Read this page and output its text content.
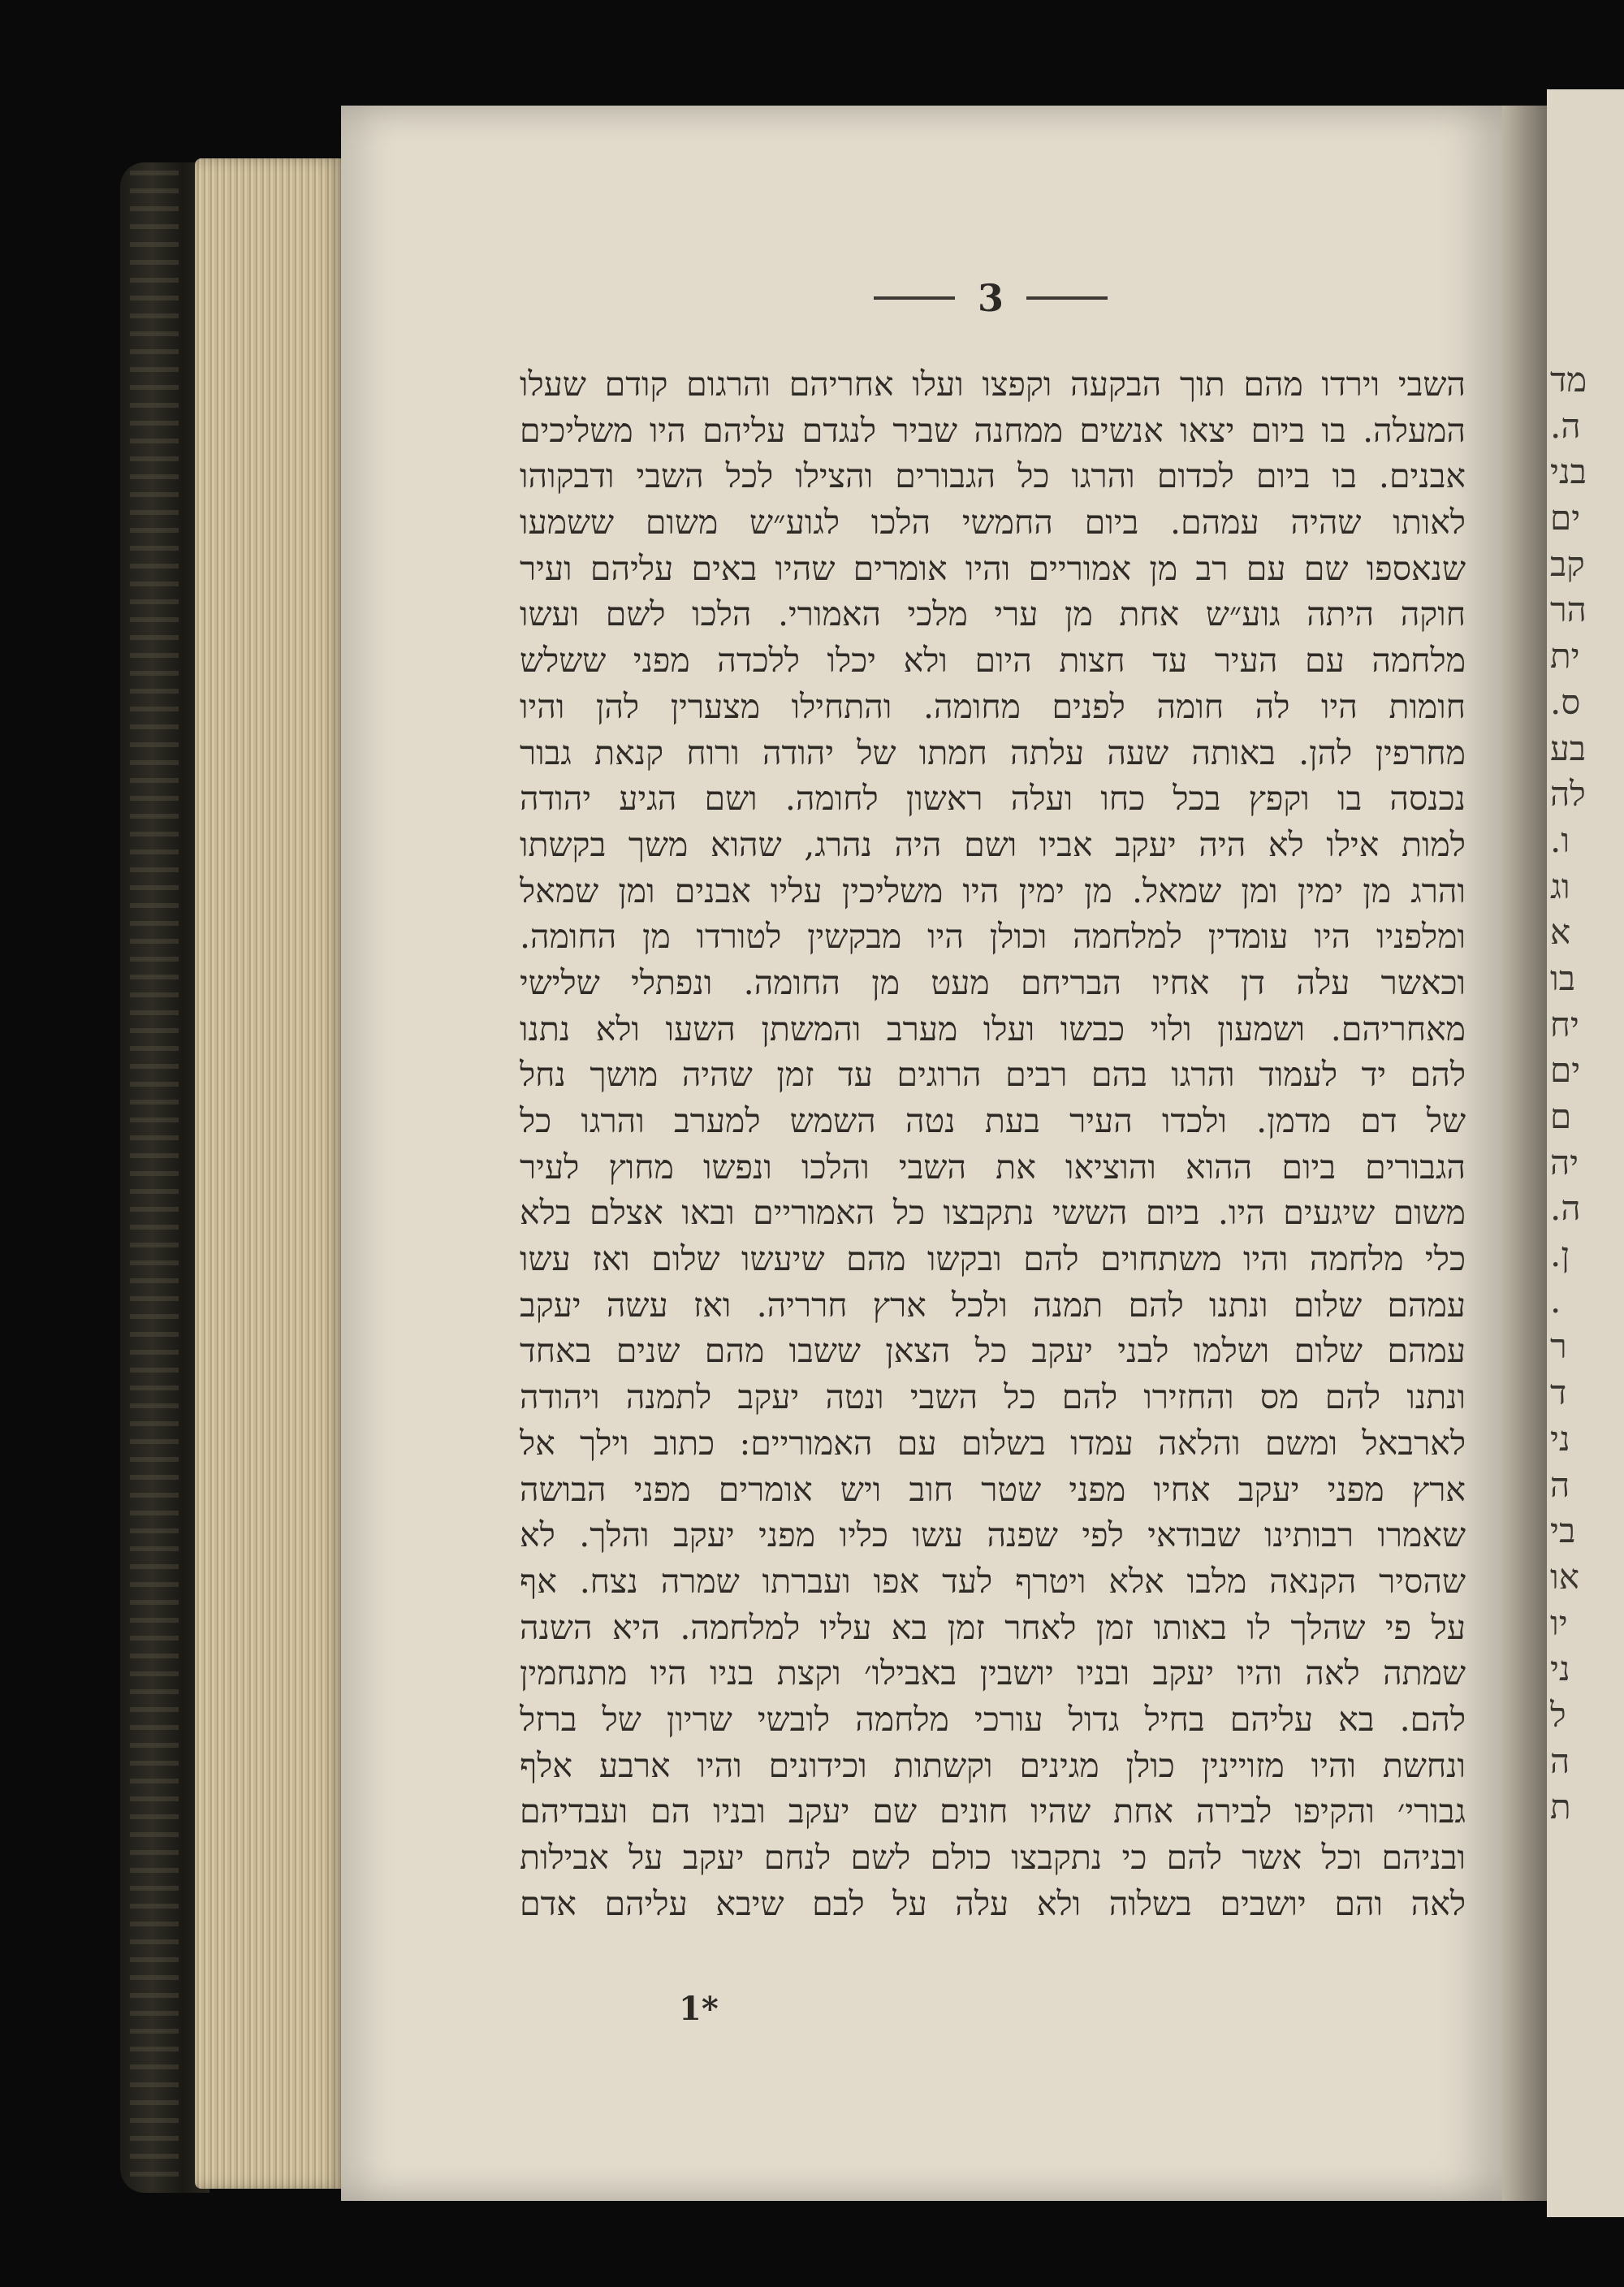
מד
ה.
בני
ים
קב
הר
ית
ס.
בע
לה
ו.
וג
א
בו
יח
ים
ם
יה
ה.
ן.
.
ר
ד
ני
ה
בי
או
יו
ני
ל
ה
ת
3
השבי וירדו מהם תוך הבקעה וקפצו ועלו אחריהם והרגום קודם שעלו
המעלה. בו ביום יצאו אנשים ממחנה שביר לנגדם עליהם היו משליכים
אבנים. בו ביום לכדום והרגו כל הגבורים והצילו לכל השבי ודבקוהו
לאותו שהיה עמהם. ביום החמשי הלכו לגוע״ש משום ששמעו
שנאספו שם עם רב מן אמוריים והיו אומרים שהיו באים עליהם ועיר
חוקה היתה גוע״ש אחת מן ערי מלכי האמורי. הלכו לשם ועשו
מלחמה עם העיר עד חצות היום ולא יכלו ללכדה מפני ששלש
חומות היו לה חומה לפנים מחומה. והתחילו מצערין להן והיו
מחרפין להן. באותה שעה עלתה חמתו של יהודה ורוח קנאת גבור
נכנסה בו וקפץ בכל כחו ועלה ראשון לחומה. ושם הגיע יהודה
למות אילו לא היה יעקב אביו ושם היה נהרג, שהוא משך בקשתו
והרג מן ימין ומן שמאל. מן ימין היו משליכין עליו אבנים ומן שמאל
ומלפניו היו עומדין למלחמה וכולן היו מבקשין לטורדו מן החומה.
וכאשר עלה דן אחיו הבריחם מעט מן החומה. ונפתלי שלישי
מאחריהם. ושמעון ולוי כבשו ועלו מערב והמשתן השעו ולא נתנו
להם יד לעמוד והרגו בהם רבים הרוגים עד זמן שהיה מושך נחל
של דם מדמן. ולכדו העיר בעת נטה השמש למערב והרגו כל
הגבורים ביום ההוא והוציאו את השבי והלכו ונפשו מחוץ לעיר
משום שיגעים היו. ביום הששי נתקבצו כל האמוריים ובאו אצלם בלא
כלי מלחמה והיו משתחוים להם ובקשו מהם שיעשו שלום ואז עשו
עמהם שלום ונתנו להם תמנה ולכל ארץ חרריה. ואז עשה יעקב
עמהם שלום ושלמו לבני יעקב כל הצאן ששבו מהם שנים באחד
ונתנו להם מס והחזירו להם כל השבי ונטה יעקב לתמנה ויהודה
לארבאל ומשם והלאה עמדו בשלום עם האמוריים: כתוב וילך אל
ארץ מפני יעקב אחיו מפני שטר חוב ויש אומרים מפני הבושה
שאמרו רבותינו שבודאי לפי שפנה עשו כליו מפני יעקב והלך. לא
שהסיר הקנאה מלבו אלא ויטרף לעד אפו ועברתו שמרה נצח. אף
על פי שהלך לו באותו זמן לאחר זמן בא עליו למלחמה. היא השנה
שמתה לאה והיו יעקב ובניו יושבין באבילו׳ וקצת בניו היו מתנחמין
להם. בא עליהם בחיל גדול עורכי מלחמה לובשי שריון של ברזל
ונחשת והיו מזויינין כולן מגינים וקשתות וכידונים והיו ארבע אלף
גבורי׳ והקיפו לבירה אחת שהיו חונים שם יעקב ובניו הם ועבדיהם
ובניהם וכל אשר להם כי נתקבצו כולם לשם לנחם יעקב על אבילות
לאה והם יושבים בשלוה ולא עלה על לבם שיבא עליהם אדם
1*
